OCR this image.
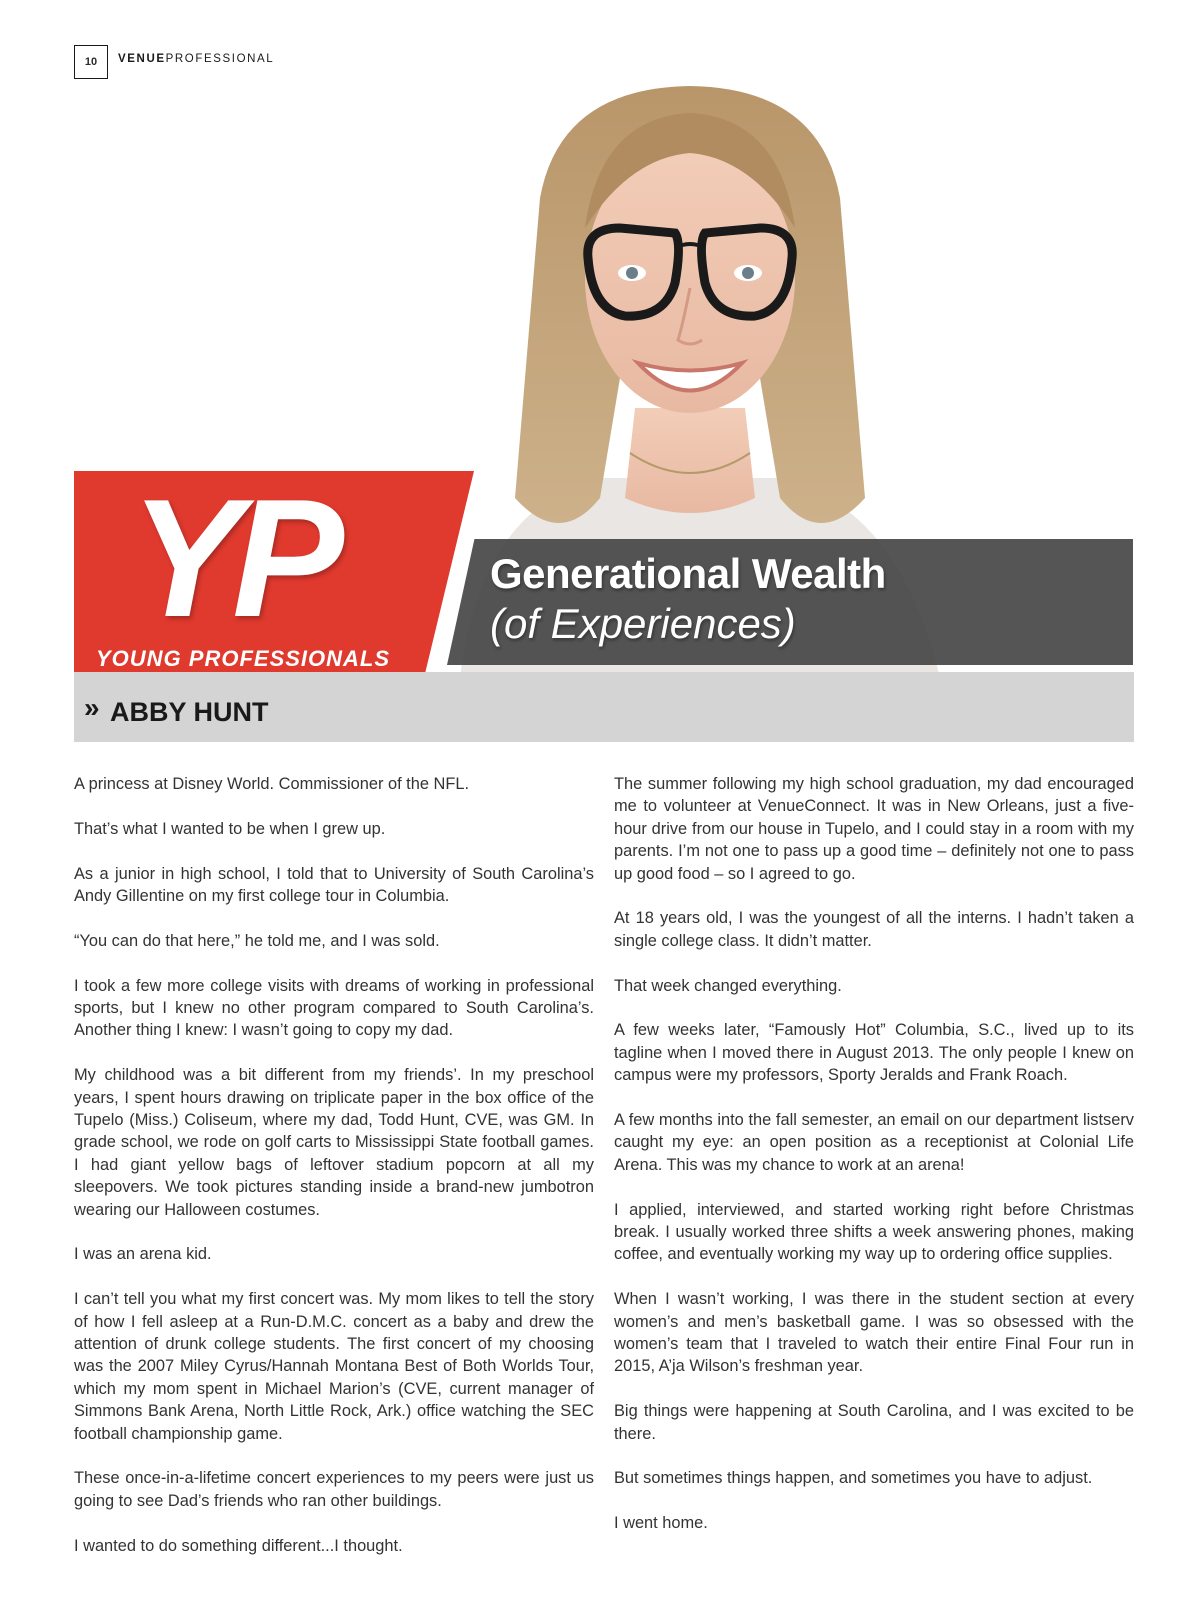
10	VENUEPROFESSIONAL
YP
YOUNG PROFESSIONALS
Generational Wealth
(of Experiences)
» ABBY HUNT

A princess at Disney World. Commissioner of the NFL.

That’s what I wanted to be when I grew up.

As a junior in high school, I told that to University of South Carolina’s Andy Gillentine on my first college tour in Columbia.

“You can do that here,” he told me, and I was sold.

I took a few more college visits with dreams of working in professional sports, but I knew no other program compared to South Carolina’s. Another thing I knew: I wasn’t going to copy my dad.

My childhood was a bit different from my friends’. In my preschool years, I spent hours drawing on triplicate paper in the box office of the Tupelo (Miss.) Coliseum, where my dad, Todd Hunt, CVE, was GM. In grade school, we rode on golf carts to Mississippi State football games. I had giant yellow bags of leftover stadium popcorn at all my sleepovers. We took pictures standing inside a brand-new jumbotron wearing our Halloween costumes.

I was an arena kid.

I can’t tell you what my first concert was. My mom likes to tell the story of how I fell asleep at a Run-D.M.C. concert as a baby and drew the attention of drunk college students. The first concert of my choosing was the 2007 Miley Cyrus/Hannah Montana Best of Both Worlds Tour, which my mom spent in Michael Marion’s (CVE, current manager of Simmons Bank Arena, North Little Rock, Ark.) office watching the SEC football championship game.

These once-in-a-lifetime concert experiences to my peers were just us going to see Dad’s friends who ran other buildings.

I wanted to do something different...I thought.

The summer following my high school graduation, my dad encouraged me to volunteer at VenueConnect. It was in New Orleans, just a five-hour drive from our house in Tupelo, and I could stay in a room with my parents. I’m not one to pass up a good time – definitely not one to pass up good food – so I agreed to go.

At 18 years old, I was the youngest of all the interns. I hadn’t taken a single college class. It didn’t matter.

That week changed everything.

A few weeks later, “Famously Hot” Columbia, S.C., lived up to its tagline when I moved there in August 2013. The only people I knew on campus were my professors, Sporty Jeralds and Frank Roach.

A few months into the fall semester, an email on our department listserv caught my eye: an open position as a receptionist at Colonial Life Arena. This was my chance to work at an arena!

I applied, interviewed, and started working right before Christmas break. I usually worked three shifts a week answering phones, making coffee, and eventually working my way up to ordering office supplies.

When I wasn’t working, I was there in the student section at every women’s and men’s basketball game. I was so obsessed with the women’s team that I traveled to watch their entire Final Four run in 2015, A’ja Wilson’s freshman year.

Big things were happening at South Carolina, and I was excited to be there.

But sometimes things happen, and sometimes you have to adjust.

I went home.
